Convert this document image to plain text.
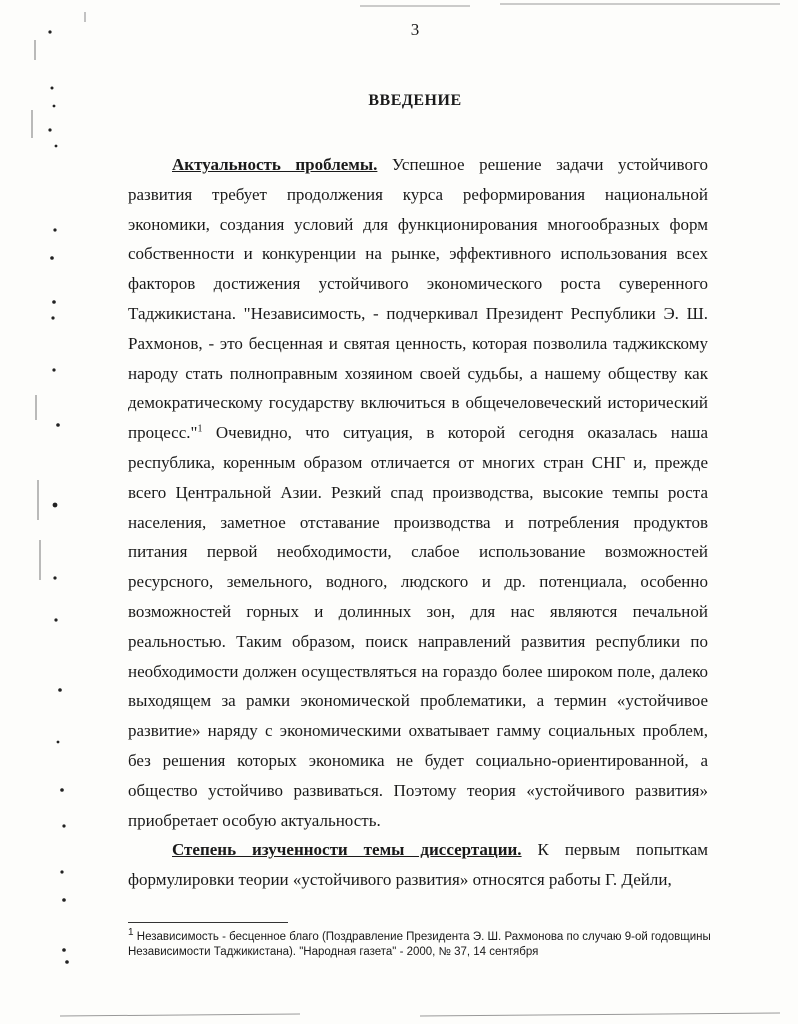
3
ВВЕДЕНИЕ

Актуальность проблемы. Успешное решение задачи устойчивого развития требует продолжения курса реформирования национальной экономики, создания условий для функционирования многообразных форм собственности и конкуренции на рынке, эффективного использования всех факторов достижения устойчивого экономического роста суверенного Таджикистана. "Независимость, - подчеркивал Президент Республики Э. Ш. Рахмонов, - это бесценная и святая ценность, которая позволила таджикскому народу стать полноправным хозяином своей судьбы, а нашему обществу как демократическому государству включиться в общечеловеческий исторический процесс."$^1$ Очевидно, что ситуация, в которой сегодня оказалась наша республика, коренным образом отличается от многих стран СНГ и, прежде всего Центральной Азии. Резкий спад производства, высокие темпы роста населения, заметное отставание производства и потребления продуктов питания первой необходимости, слабое использование возможностей ресурсного, земельного, водного, людского и др. потенциала, особенно возможностей горных и долинных зон, для нас являются печальной реальностью. Таким образом, поиск направлений развития республики по необходимости должен осуществляться на гораздо более широком поле, далеко выходящем за рамки экономической проблематики, а термин «устойчивое развитие» наряду с экономическими охватывает гамму социальных проблем, без решения которых экономика не будет социально-ориентированной, а общество устойчиво развиваться. Поэтому теория «устойчивого развития» приобретает особую актуальность.

Степень изученности темы диссертации. К первым попыткам формулировки теории «устойчивого развития» относятся работы Г. Дейли,

$^1$ Независимость - бесценное благо (Поздравление Президента Э. Ш. Рахмонова по случаю 9-ой годовщины Независимости Таджикистана). "Народная газета" - 2000, № 37, 14 сентября
